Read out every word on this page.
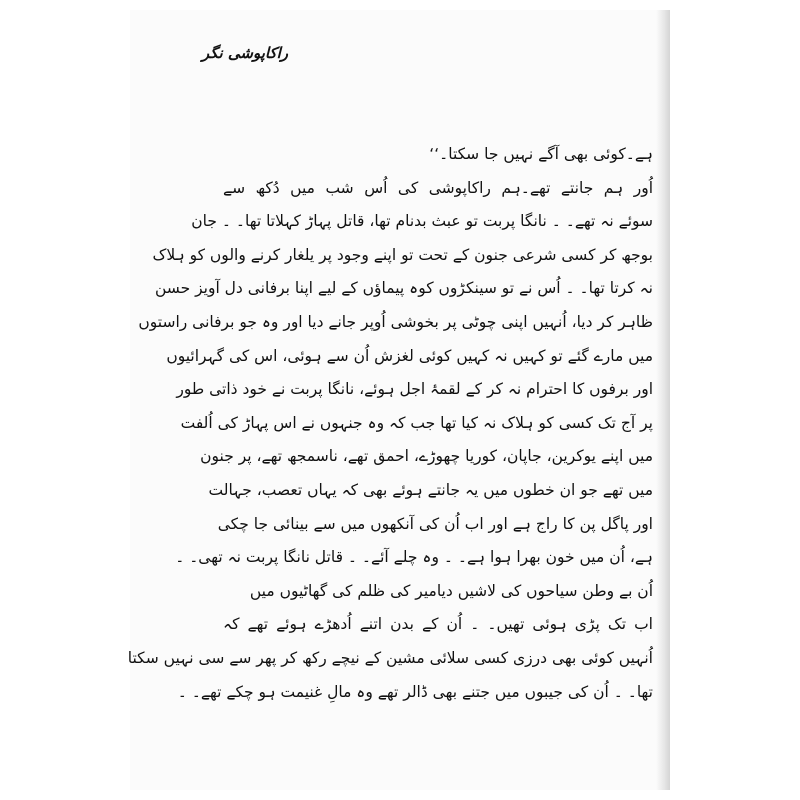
راکاپوشی نگر
ہے۔کوئی بھی آگے نہیں جا سکتا۔‘‘
اُور ہم جانتے تھے۔ہم راکاپوشی کی اُس شب میں دُکھ سے
سوئے نہ تھے۔ ۔ نانگا پربت تو عبث بدنام تھا، قاتل پہاڑ کہلاتا تھا۔ ۔ جان
بوجھ کر کسی شرعی جنون کے تحت تو اپنے وجود پر یلغار کرنے والوں کو ہلاک
نہ کرتا تھا۔ ۔ اُس نے تو سینکڑوں کوہ پیماؤں کے لیے اپنا برفانی دل آویز حسن
ظاہر کر دیا، اُنہیں اپنی چوٹی پر بخوشی اُوپر جانے دیا اور وہ جو برفانی راستوں
میں مارے گئے تو کہیں نہ کہیں کوئی لغزش اُن سے ہوئی، اس کی گہرائیوں
اور برفوں کا احترام نہ کر کے لقمۂ اجل ہوئے، نانگا پربت نے خود ذاتی طور
پر آج تک کسی کو ہلاک نہ کیا تھا جب کہ وہ جنہوں نے اس پہاڑ کی اُلفت
میں اپنے یوکرین، جاپان، کوریا چھوڑے، احمق تھے، ناسمجھ تھے، پر جنون
میں تھے جو ان خطوں میں یہ جانتے ہوئے بھی کہ یہاں تعصب، جہالت
اور پاگل پن کا راج ہے اور اب اُن کی آنکھوں میں سے بینائی جا چکی
ہے، اُن میں خون بھرا ہوا ہے۔ ۔ وہ چلے آئے۔ ۔ قاتل نانگا پربت نہ تھی۔ ۔
اُن بے وطن سیاحوں کی لاشیں دیامیر کی ظلم کی گھاٹیوں میں
اب تک پڑی ہوئی تھیں۔ ۔ اُن کے بدن اتنے اُدھڑے ہوئے تھے کہ
اُنہیں کوئی بھی درزی کسی سلائی مشین کے نیچے رکھ کر پھر سے سی نہیں سکتا
تھا۔ ۔ اُن کی جیبوں میں جتنے بھی ڈالر تھے وہ مالِ غنیمت ہو چکے تھے۔ ۔
